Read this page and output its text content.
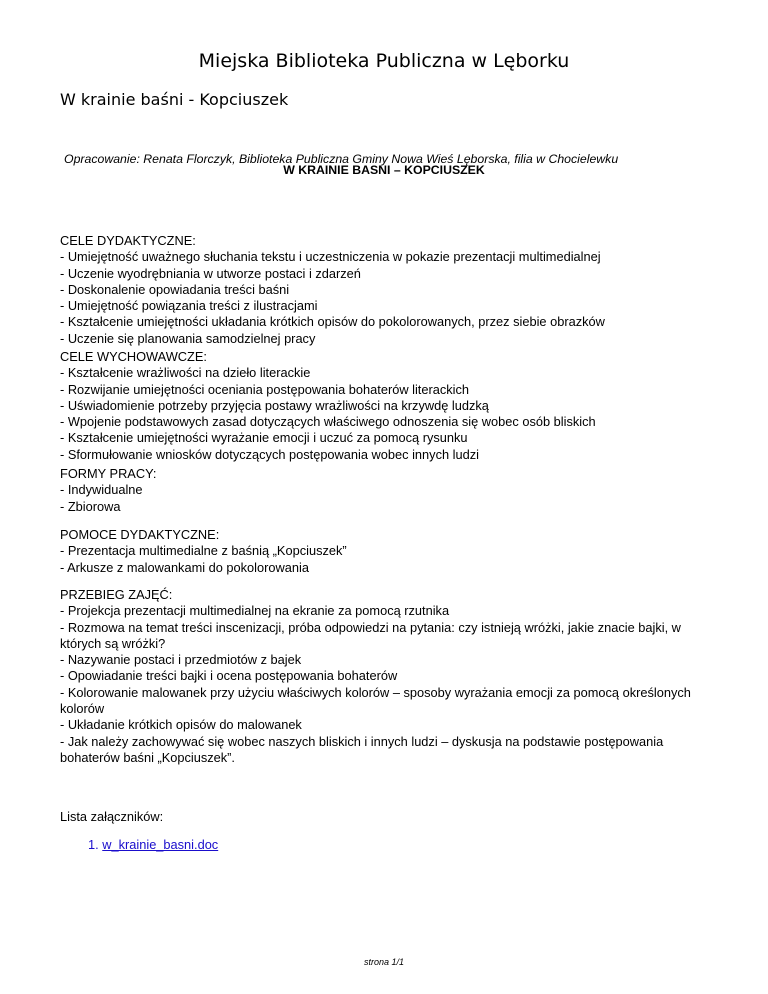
Miejska Biblioteka Publiczna w Lęborku
W krainie baśni - Kopciuszek
Opracowanie: Renata Florczyk, Biblioteka Publiczna Gminy Nowa Wieś Lęborska, filia w Chocielewku
W KRAINIE BASNI – KOPCIUSZEK
CELE DYDAKTYCZNE:
- Umiejętność uważnego słuchania tekstu i uczestniczenia w pokazie prezentacji multimedialnej
- Uczenie wyodrębniania w utworze postaci i zdarzeń
- Doskonalenie opowiadania treści baśni
- Umiejętność powiązania treści z ilustracjami
- Kształcenie umiejętności układania krótkich opisów do pokolorowanych, przez siebie obrazków
- Uczenie się planowania samodzielnej pracy
CELE WYCHOWAWCZE:
- Kształcenie wrażliwości na dzieło literackie
- Rozwijanie umiejętności oceniania postępowania bohaterów literackich
- Uświadomienie potrzeby przyjęcia postawy wrażliwości na krzywdę ludzką
- Wpojenie podstawowych zasad dotyczących właściwego odnoszenia się wobec osób bliskich
- Kształcenie umiejętności wyrażanie emocji i uczuć za pomocą rysunku
- Sformułowanie wniosków dotyczących postępowania wobec innych ludzi
FORMY PRACY:
- Indywidualne
- Zbiorowa
POMOCE DYDAKTYCZNE:
- Prezentacja multimedialne z baśnią „Kopciuszek”
- Arkusze z malowankami do pokolorowania
PRZEBIEG ZAJĘĆ:
- Projekcja prezentacji multimedialnej na ekranie za pomocą rzutnika
- Rozmowa na temat treści inscenizacji, próba odpowiedzi na pytania: czy istnieją wróżki, jakie znacie bajki, w
których są wróżki?
- Nazywanie postaci i przedmiotów z bajek
- Opowiadanie treści bajki i ocena postępowania bohaterów
- Kolorowanie malowanek przy użyciu właściwych kolorów – sposoby wyrażania emocji za pomocą określonych
kolorów
- Układanie krótkich opisów do malowanek
- Jak należy zachowywać się wobec naszych bliskich i innych ludzi – dyskusja na podstawie postępowania
bohaterów baśni „Kopciuszek”.
Lista załączników:
1. w_krainie_basni.doc
strona 1/1
